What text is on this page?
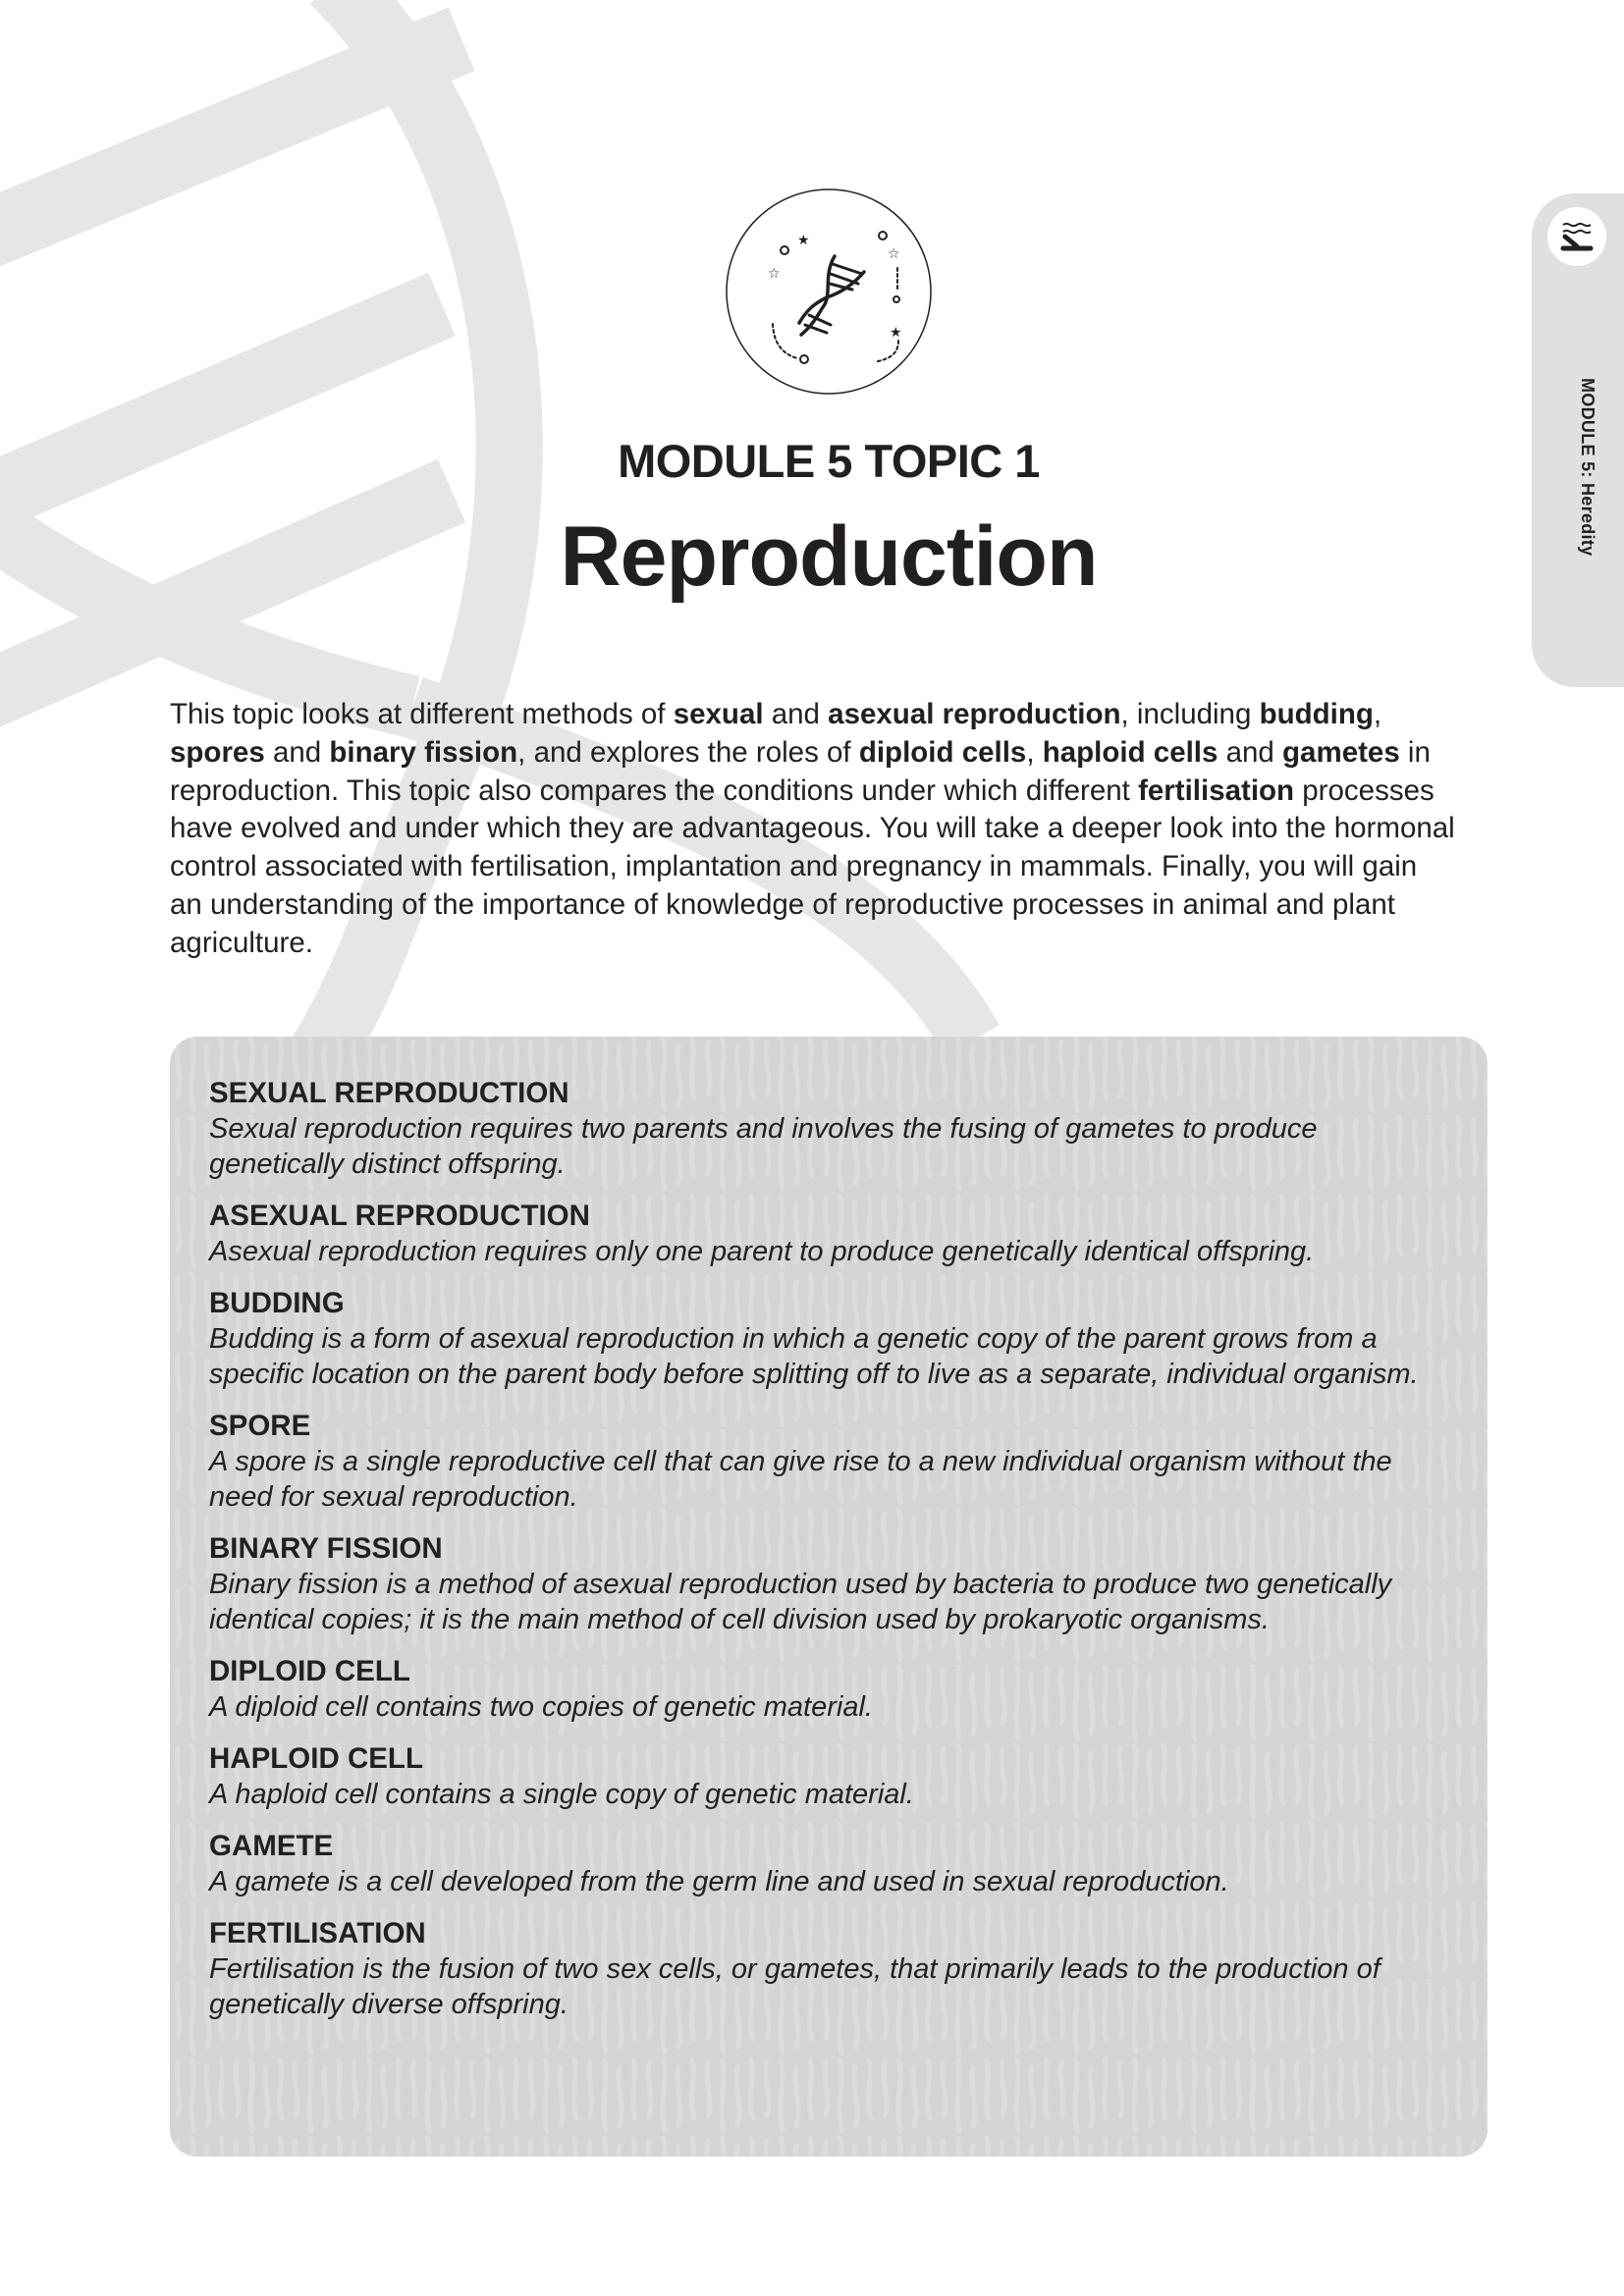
MODULE 5: Heredity
★
☆
☆
★
MODULE 5 TOPIC 1
Reproduction
This topic looks at different methods of sexual and asexual reproduction, including budding, spores and binary fission, and explores the roles of diploid cells, haploid cells and gametes in reproduction. This topic also compares the conditions under which different fertilisation processes have evolved and under which they are advantageous. You will take a deeper look into the hormonal control associated with fertilisation, implantation and pregnancy in mammals. Finally, you will gain an understanding of the importance of knowledge of reproductive processes in animal and plant agriculture.
SEXUAL REPRODUCTION
Sexual reproduction requires two parents and involves the fusing of gametes to produce genetically distinct offspring.
ASEXUAL REPRODUCTION
Asexual reproduction requires only one parent to produce genetically identical offspring.
BUDDING
Budding is a form of asexual reproduction in which a genetic copy of the parent grows from a specific location on the parent body before splitting off to live as a separate, individual organism.
SPORE
A spore is a single reproductive cell that can give rise to a new individual organism without the need for sexual reproduction.
BINARY FISSION
Binary fission is a method of asexual reproduction used by bacteria to produce two genetically identical copies; it is the main method of cell division used by prokaryotic organisms.
DIPLOID CELL
A diploid cell contains two copies of genetic material.
HAPLOID CELL
A haploid cell contains a single copy of genetic material.
GAMETE
A gamete is a cell developed from the germ line and used in sexual reproduction.
FERTILISATION
Fertilisation is the fusion of two sex cells, or gametes, that primarily leads to the production of genetically diverse offspring.
